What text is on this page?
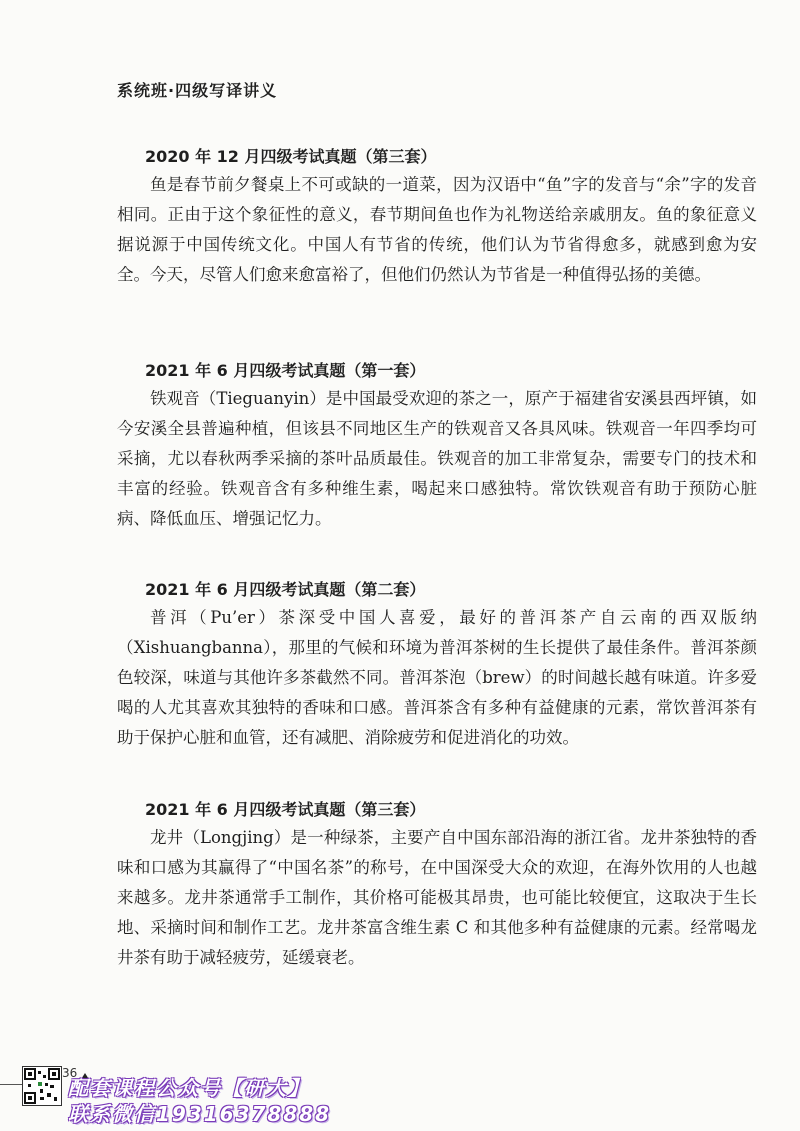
系统班·四级写译讲义
2020 年 12 月四级考试真题（第三套）

鱼是春节前夕餐桌上不可或缺的一道菜，因为汉语中“鱼”字的发音与“余”字的发音相同。正由于这个象征性的意义，春节期间鱼也作为礼物送给亲戚朋友。鱼的象征意义据说源于中国传统文化。中国人有节省的传统，他们认为节省得愈多，就感到愈为安全。今天，尽管人们愈来愈富裕了，但他们仍然认为节省是一种值得弘扬的美德。

2021 年 6 月四级考试真题（第一套）

铁观音（Tieguanyin）是中国最受欢迎的茶之一，原产于福建省安溪县西坪镇，如今安溪全县普遍种植，但该县不同地区生产的铁观音又各具风味。铁观音一年四季均可采摘，尤以春秋两季采摘的茶叶品质最佳。铁观音的加工非常复杂，需要专门的技术和丰富的经验。铁观音含有多种维生素，喝起来口感独特。常饮铁观音有助于预防心脏病、降低血压、增强记忆力。

2021 年 6 月四级考试真题（第二套）

普洱（Pu’er）茶深受中国人喜爱，最好的普洱茶产自云南的西双版纳（Xishuangbanna），那里的气候和环境为普洱茶树的生长提供了最佳条件。普洱茶颜色较深，味道与其他许多茶截然不同。普洱茶泡（brew）的时间越长越有味道。许多爱喝的人尤其喜欢其独特的香味和口感。普洱茶含有多种有益健康的元素，常饮普洱茶有助于保护心脏和血管，还有减肥、消除疲劳和促进消化的功效。

2021 年 6 月四级考试真题（第三套）

龙井（Longjing）是一种绿茶，主要产自中国东部沿海的浙江省。龙井茶独特的香味和口感为其赢得了“中国名茶”的称号，在中国深受大众的欢迎，在海外饮用的人也越来越多。龙井茶通常手工制作，其价格可能极其昂贵，也可能比较便宜，这取决于生长地、采摘时间和制作工艺。龙井茶富含维生素 C 和其他多种有益健康的元素。经常喝龙井茶有助于减轻疲劳，延缓衰老。

36
配套课程公众号【研大】
联系微信19316378888
